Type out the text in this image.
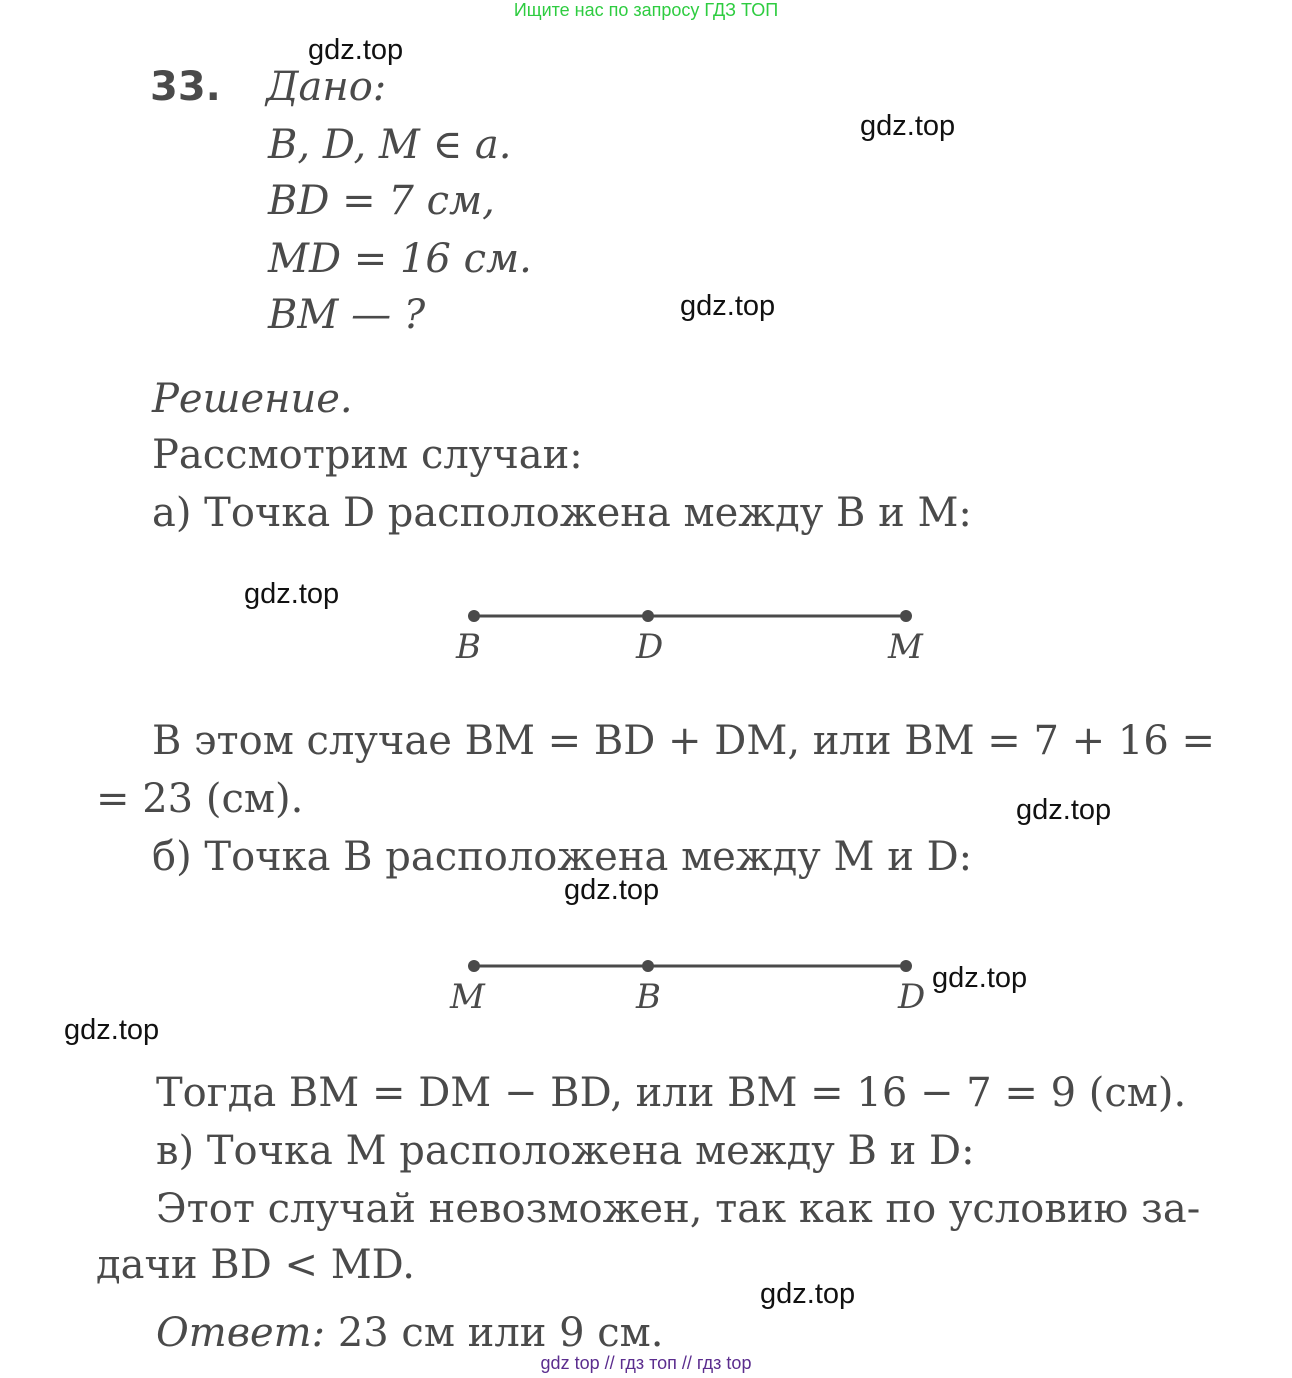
Ищите нас по запросу ГДЗ ТОП
gdz.top
gdz.top
gdz.top
gdz.top
gdz.top
gdz.top
gdz.top
gdz.top
gdz.top
33. Дано:
B, D, M ∈ a.
BD = 7 см,
MD = 16 см.
BM — ?
Решение.
Рассмотрим случаи:
а) Точка D расположена между B и M:
B	D	M
В этом случае BM = BD + DM, или BM = 7 + 16 =
= 23 (см).
б) Точка B расположена между M и D:
M	B	D
Тогда BM = DM − BD, или BM = 16 − 7 = 9 (см).
в) Точка M расположена между B и D:
Этот случай невозможен, так как по условию за-
дачи BD < MD.
Ответ: 23 см или 9 см.
gdz top // гдз топ // гдз top
